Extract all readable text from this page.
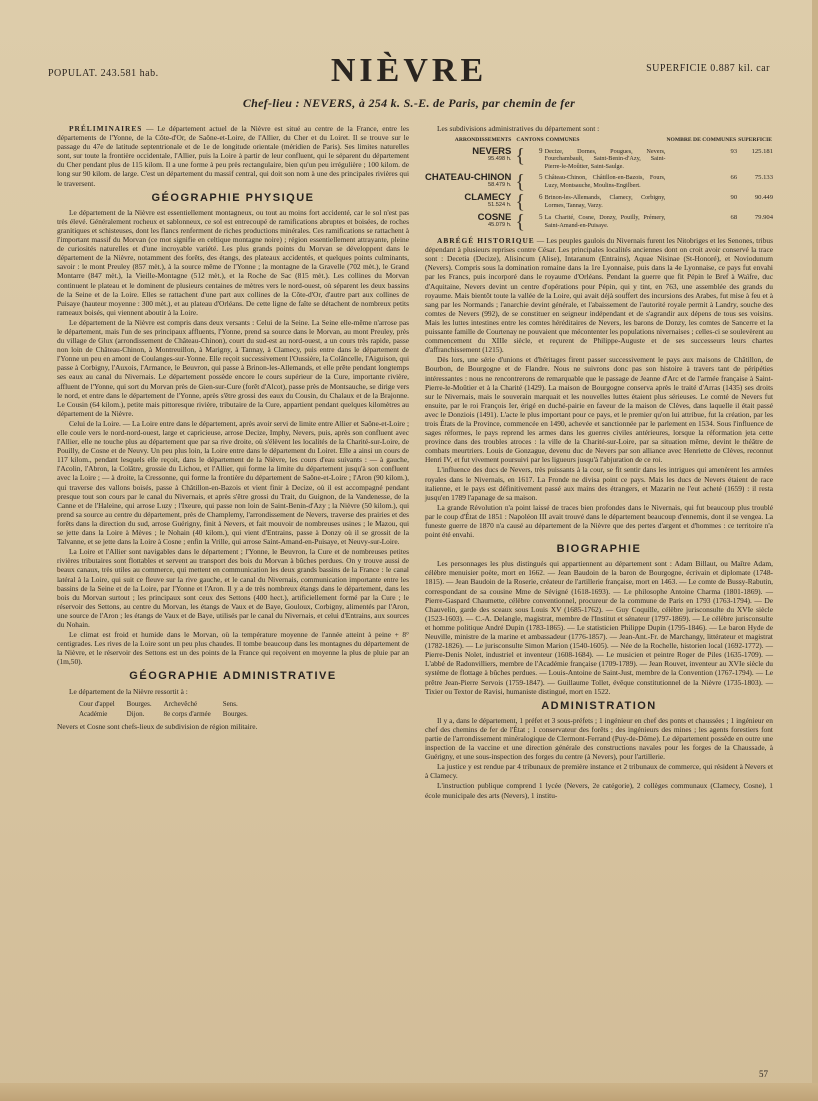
POPULAT. 243.581 hab.	NIÈVRE	SUPERFICIE 0.887 kil. car
Chef-lieu : NEVERS, à 254 k. S.-E. de Paris, par chemin de fer

PRÉLIMINAIRES — Le département actuel de la Nièvre est situé au centre de la France, entre les départements de l'Yonne, de la Côte-d'Or, de Saône-et-Loire, de l'Allier, du Cher et du Loiret. Il se trouve sur le passage du 47e de latitude septentrionale et de 1e de longitude orientale (méridien de Paris). Ses limites naturelles sont, sur toute la frontière occidentale, l'Allier, puis la Loire à partir de leur confluent, qui le séparent du département du Cher pendant plus de 115 kilom. Il a une forme à peu près rectangulaire, bien qu'un peu irrégulière ; 100 kilom. de long sur 90 kilom. de large. C'est un département du massif central, qui doit son nom à une des principales rivières qui le traversent.

GÉOGRAPHIE PHYSIQUE

Le département de la Nièvre est essentiellement montagneux, ou tout au moins fort accidenté, car le sol n'est pas très élevé. Généralement rocheux et sablonneux, ce sol est entrecoupé de ramifications abruptes et boisées, de roches granitiques et schisteuses, dont les flancs renferment de riches productions minérales. Ces ramifications se rattachent à l'important massif du Morvan (ce mot signifie en celtique montagne noire) ; région essentiellement attrayante, pleine de curiosités naturelles et d'une incroyable variété. Les plus grands points du Morvan se développent dans le département de la Nièvre, notamment des forêts, des étangs, des plateaux accidentés, et quelques points culminants, savoir : le mont Preuley (857 mèt.), à la source même de l'Yonne ; la montagne de la Gravelle (702 mèt.), le Grand Montarre (847 mèt.), la Vieille-Montagne (512 mèt.), et la Roche de Sac (815 mèt.). Les collines du Morvan continuent le plateau et le dominent de plusieurs centaines de mètres vers le nord-ouest, où séparent les deux bassins de la Seine et de la Loire. Elles se rattachent d'une part aux collines de la Côte-d'Or, d'autre part aux collines de Puisaye (hauteur moyenne : 300 mèt.), et au plateau d'Orléans. De cette ligne de faîte se détachent de nombreux petits rameaux boisés, qui viennent aboutir à la Loire.

Le département de la Nièvre est compris dans deux versants : Celui de la Seine. La Seine elle-même n'arrose pas le département, mais l'un de ses principaux affluents, l'Yonne, prend sa source dans le Morvan, au mont Preuley, près du village de Glux (arrondissement de Château-Chinon), court du sud-est au nord-ouest, a un cours très rapide, passe non loin de Château-Chinon, à Montreuillon, à Marigny, à Tannay, à Clamecy, puis entre dans le département de l'Yonne un peu en amont de Coulanges-sur-Yonne. Elle reçoit successivement l'Oussière, la Colâncelle, l'Aiguison, qui passe à Corbigny, l'Auxois, l'Armance, le Beuvron, qui passe à Brinon-les-Allemands, et elle prête pendant longtemps ses eaux au canal du Nivernais. Le département possède encore le cours supérieur de la Cure, importante rivière, affluent de l'Yonne, qui sort du Morvan près de Gien-sur-Cure (forêt d'Alcot), passe près de Montsauche, se dirige vers le nord, et entre dans le département de l'Yonne, après s'être grossi des eaux du Cousin, du Chalaux et de la Brajonne. Le Cousin (64 kilom.), petite mais pittoresque rivière, tributaire de la Cure, appartient pendant quelques kilomètres au département de la Nièvre.

Celui de la Loire. — La Loire entre dans le département, après avoir servi de limite entre Allier et Saône-et-Loire ; elle coule vers le nord-nord-ouest, large et capricieuse, arrose Decize, Imphy, Nevers, puis, après son confluent avec l'Allier, elle ne touche plus au département que par sa rive droite, où s'élèvent les localités de la Charité-sur-Loire, de Pouilly, de Cosne et de Neuvy. Un peu plus loin, la Loire entre dans le département du Loiret. Elle a ainsi un cours de 117 kilom., pendant lesquels elle reçoit, dans le département de la Nièvre, les cours d'eau suivants : — à gauche, l'Acolin, l'Abron, la Colâtre, grossie du Lichou, et l'Allier, qui forme la limite du département jusqu'à son confluent avec la Loire ; — à droite, la Cressonne, qui forme la frontière du département de Saône-et-Loire ; l'Aron (90 kilom.), qui traverse des vallons boisés, passe à Châtillon-en-Bazois et vient finir à Decize, où il est accompagné pendant presque tout son cours par le canal du Nivernais, et après s'être grossi du Trait, du Guignon, de la Vandenesse, de la Canne et de l'Haleine, qui arrose Luzy ; l'Ixeure, qui passe non loin de Saint-Benin-d'Azy ; la Nièvre (50 kilom.), qui prend sa source au centre du département, près de Champlemy, l'arrondissement de Nevers, traverse des prairies et des forêts dans la direction du sud, arrose Guérigny, finit à Nevers, et fait mouvoir de nombreuses usines ; le Mazou, qui se jette dans la Loire à Mèves ; le Nohain (40 kilom.), qui vient d'Entrains, passe à Donzy où il se grossit de la Talvanne, et se jette dans la Loire à Cosne ; enfin la Vrille, qui arrose Saint-Amand-en-Puisaye, et Neuvy-sur-Loire.

La Loire et l'Allier sont navigables dans le département ; l'Yonne, le Beuvron, la Cure et de nombreuses petites rivières tributaires sont flottables et servent au transport des bois du Morvan à bûches perdues. On y trouve aussi de beaux canaux, très utiles au commerce, qui mettent en communication les deux grands bassins de la France : le canal latéral à la Loire, qui suit ce fleuve sur la rive gauche, et le canal du Nivernais, communication importante entre les bassins de la Seine et de la Loire, par l'Yonne et l'Aron. Il y a de très nombreux étangs dans le département, dans les bois du Morvan surtout ; les principaux sont ceux des Settons (400 hect.), artificiellement formé par la Cure ; le réservoir des Settons, au centre du Morvan, les étangs de Vaux et de Baye, Gouloux, Corbigny, alimentés par l'Aron, une source de l'Aron ; les étangs de Vaux et de Baye, utilisés par le canal du Nivernais, et celui d'Entrains, aux sources du Nohain.

Le climat est froid et humide dans le Morvan, où la température moyenne de l'année atteint à peine + 8° centigrades. Les rives de la Loire sont un peu plus chaudes. Il tombe beaucoup dans les montagnes du département de la Nièvre, et le réservoir des Settons est un des points de la France qui reçoivent en moyenne la plus de pluie par an (1m,50).

GÉOGRAPHIE ADMINISTRATIVE

Le département de la Nièvre ressortit à :

Cour d'appel	Bourges.	Archevêché	Sens.
Académie	Dijon.	8e corps d'armée	Bourges.

Nevers et Cosne sont chefs-lieux de subdivision de région militaire.

Les subdivisions administratives du département sont :

ARRONDISSEMENTS	CANTONS		COMMUNES	NOMBRE DE COMMUNES	SUPERFICIE
NEVERS
95.498 h.	{	9	Decize, Dornes, Pougues, Nevers, Fourchambault, Saint-Benin-d'Azy, Saint-Pierre-le-Moûtier, Saint-Saulge.	93	125.181
CHATEAU-CHINON
58.479 h.	{	5	Château-Chinon, Châtillon-en-Bazois, Fours, Luzy, Montsauche, Moulins-Engilbert.	66	75.133
CLAMECY
51.524 h.	{	6	Brinon-les-Allemands, Clamecy, Corbigny, Lormes, Tannay, Varzy.	90	90.449
COSNE
45.079 h.	{	5	La Charité, Cosne, Donzy, Pouilly, Prémery, Saint-Amand-en-Puisaye.	68	79.904

ABRÉGÉ HISTORIQUE — Les peuples gaulois du Nivernais furent les Nitobriges et les Senones, tribus dépendant à plusieurs reprises contre César. Les principales localités anciennes dont on croit avoir conservé la trace sont : Decetia (Decize), Alisincum (Alise), Intaranum (Entrains), Aquae Nisinae (St-Honoré), et Noviodunum (Nevers). Compris sous la domination romaine dans la 1re Lyonnaise, puis dans la 4e Lyonnaise, ce pays fut envahi par les Francs, puis incorporé dans le royaume d'Orléans. Pendant la guerre que fit Pépin le Bref à Waïfre, duc d'Aquitaine, Nevers devint un centre d'opérations pour Pépin, qui y tint, en 763, une assemblée des grands du royaume. Mais bientôt toute la vallée de la Loire, qui avait déjà souffert des incursions des Arabes, fut mise à feu et à sang par les Normands ; l'anarchie devint générale, et l'abaissement de l'autorité royale permit à Landry, souche des comtes de Nevers (992), de se constituer en seigneur indépendant et de s'agrandir aux dépens de tous ses voisins. Mais les luttes intestines entre les comtes héréditaires de Nevers, les barons de Donzy, les comtes de Sancerre et la puissante famille de Courtenay ne pouvaient que mécontenter les populations nivernaises ; celles-ci se soulevèrent au commencement du XIIIe siècle, et reçurent de Philippe-Auguste et de ses successeurs leurs chartes d'affranchissement (1215).

Dès lors, une série d'unions et d'héritages firent passer successivement le pays aux maisons de Châtillon, de Bourbon, de Bourgogne et de Flandre. Nous ne suivrons donc pas son histoire à travers tant de péripéties intéressantes : nous ne rencontrerons de remarquable que le passage de Jeanne d'Arc et de l'armée française à Saint-Pierre-le-Moûtier et à la Charité (1429). La maison de Bourgogne conserva après le traité d'Arras (1435) ses droits sur le Nivernais, mais le souverain marquait et les nouvelles luttes étaient plus sérieuses. Le comté de Nevers fut ensuite, par le roi François Ier, érigé en duché-pairie en faveur de la maison de Clèves, dans laquelle il était passé avec le Donziois (1491). L'acte le plus important pour ce pays, et le premier qu'on lui attribue, fut la création, par les trois États de la Province, commencée en 1490, achevée et sanctionnée par le parlement en 1534. Sous l'influence de sages réformes, le pays reprend les armes dans les guerres civiles antérieures, lorsque la réformation jeta cette province dans des troubles atroces : la ville de la Charité-sur-Loire, par sa situation même, devint le théâtre de combats meurtriers. Louis de Gonzague, devenu duc de Nevers par son alliance avec Henriette de Clèves, reconnut Henri IV, et fut vivement poursuivi par les ligueurs jusqu'à l'abjuration de ce roi.

L'influence des ducs de Nevers, très puissants à la cour, se fit sentir dans les intrigues qui amenèrent les armées royales dans le Nivernais, en 1617. La Fronde ne divisa point ce pays. Mais les ducs de Nevers étaient de race italienne, et le pays est définitivement passé aux mains des étrangers, et Mazarin ne l'eut acheté (1659) : il resta jusqu'en 1789 l'apanage de sa maison.

La grande Révolution n'a point laissé de traces bien profondes dans le Nivernais, qui fut beaucoup plus troublé par le coup d'État de 1851 : Napoléon III avait trouvé dans le département beaucoup d'ennemis, dont il se vengea. La funeste guerre de 1870 n'a causé au département de la Nièvre que des pertes d'argent et d'hommes : ce territoire n'a point été envahi.

BIOGRAPHIE

Les personnages les plus distingués qui appartiennent au département sont : Adam Billaut, ou Maître Adam, célèbre menuisier poète, mort en 1662. — Jean Baudoin de la baron de Bourgogne, écrivain et diplomate (1748-1815). — Jean Baudoin de la Roserie, créateur de l'artillerie française, mort en 1463. — Le comte de Bussy-Rabutin, correspondant de sa cousine Mme de Sévigné (1618-1693). — Le philosophe Antoine Charma (1801-1869). — Pierre-Gaspard Chaumette, célèbre conventionnel, procureur de la commune de Paris en 1793 (1763-1794). — De Chauvelin, garde des sceaux sous Louis XV (1685-1762). — Guy Coquille, célèbre jurisconsulte du XVIe siècle (1523-1603). — C.-A. Delangle, magistrat, membre de l'Institut et sénateur (1797-1869). — Le célèbre jurisconsulte et homme politique André Dupin (1783-1865). — Le statisticien Philippe Dupin (1795-1846). — Le baron Hyde de Neuville, ministre de la marine et ambassadeur (1776-1857). — Jean-Ant.-Fr. de Marchangy, littérateur et magistrat (1782-1826). — Le jurisconsulte Simon Marion (1540-1605). — Née de la Rochelle, historien local (1692-1772). — Pierre-Denis Nolet, industriel et inventeur (1608-1684). — Le musicien et peintre Roger de Piles (1635-1709). — L'abbé de Radonvilliers, membre de l'Académie française (1709-1789). — Jean Rouvet, inventeur au XVIe siècle du système de flottage à bûches perdues. — Louis-Antoine de Saint-Just, membre de la Convention (1767-1794). — Le prêtre Jean-Pierre Servois (1759-1847). — Guillaume Tollet, évêque constitutionnel de la Nièvre (1735-1803). — Tixier ou Textor de Ravisi, humaniste distingué, mort en 1522.

ADMINISTRATION

Il y a, dans le département, 1 préfet et 3 sous-préfets ; 1 ingénieur en chef des ponts et chaussées ; 1 ingénieur en chef des chemins de fer de l'État ; 1 conservateur des forêts ; des ingénieurs des mines ; les agents forestiers font partie de l'arrondissement minéralogique de Clermont-Ferrand (Puy-de-Dôme). Le département possède en outre une inspection de la vaccine et une direction générale des constructions navales pour les forges de la Chaussade, à Guérigny, et une sous-inspection des forges du centre (à Nevers), pour l'artillerie.

La justice y est rendue par 4 tribunaux de première instance et 2 tribunaux de commerce, qui résident à Nevers et à Clamecy.

L'instruction publique comprend 1 lycée (Nevers, 2e catégorie), 2 collèges communaux (Clamecy, Cosne), 1 école municipale des arts (Nevers), 1 institu-

57
